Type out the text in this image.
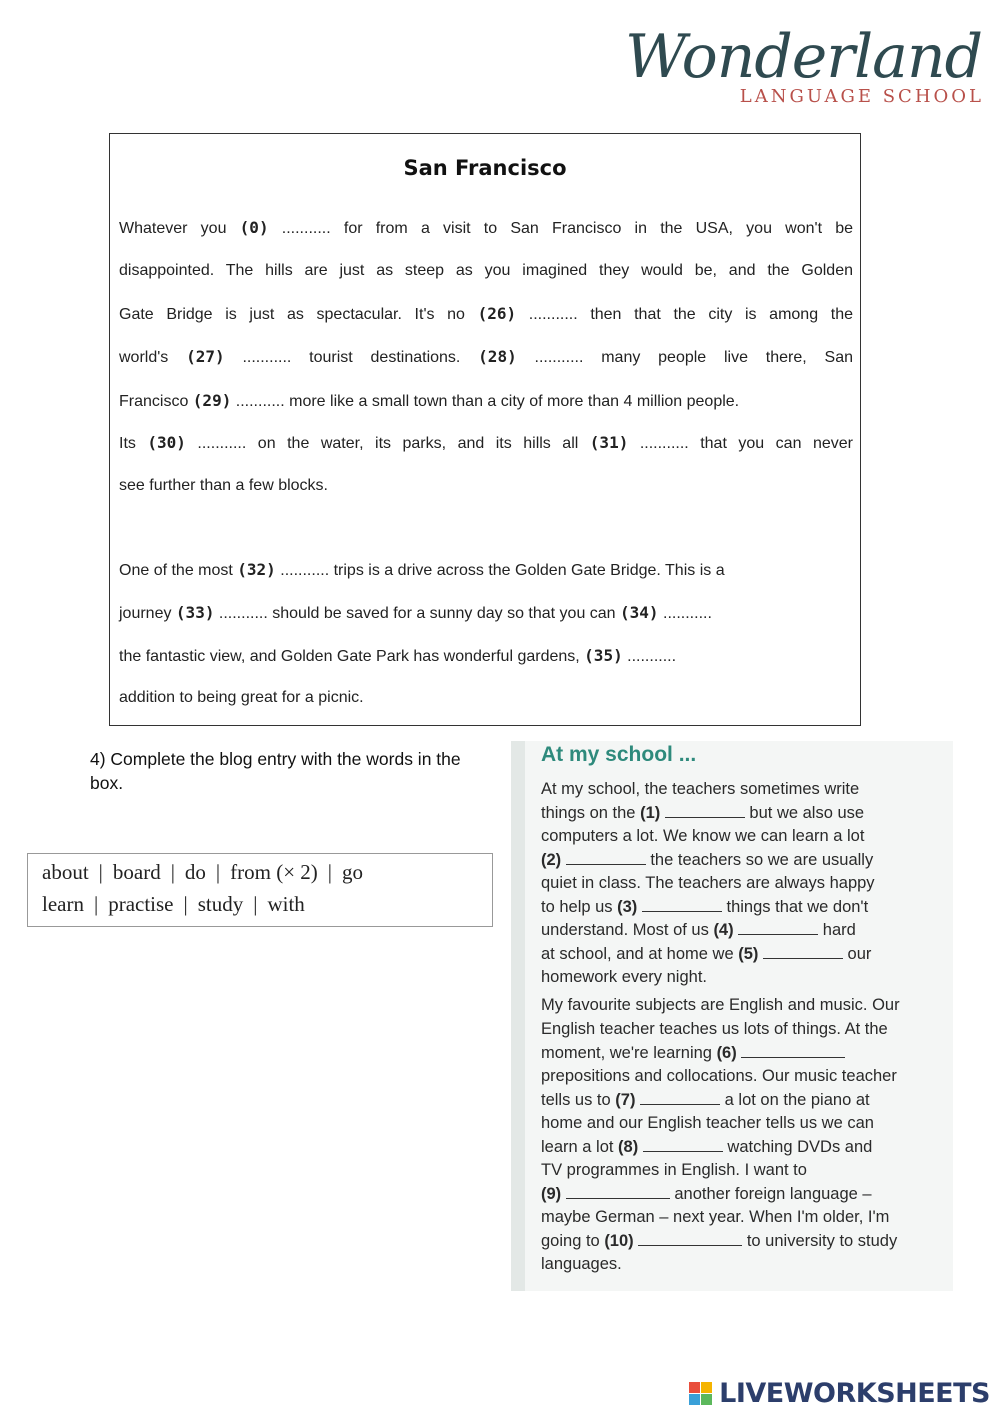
Wonderland
LANGUAGE SCHOOL
San Francisco
Whatever you (0) ........... for from a visit to San Francisco in the USA, you won't be
disappointed. The hills are just as steep as you imagined they would be, and the Golden
Gate Bridge is just as spectacular. It's no (26) ........... then that the city is among the
world's (27) ........... tourist destinations. (28) ........... many people live there, San
Francisco (29) ........... more like a small town than a city of more than 4 million people.
Its (30) ........... on the water, its parks, and its hills all (31) ........... that you can never
see further than a few blocks.
One of the most (32) ........... trips is a drive across the Golden Gate Bridge. This is a
journey (33) ........... should be saved for a sunny day so that you can (34) ...........
the fantastic view, and Golden Gate Park has wonderful gardens, (35) ...........
addition to being great for a picnic.
4) Complete the blog entry with the words in the box.
about | board | do | from (× 2) | go
learn | practise | study | with
At my school ...
At my school, the teachers sometimes write
things on the (1)	but we also use
computers a lot. We know we can learn a lot
(2)	the teachers so we are usually
quiet in class. The teachers are always happy
to help us (3)	things that we don't
understand. Most of us (4)	hard
at school, and at home we (5)	our
homework every night.
My favourite subjects are English and music. Our
English teacher teaches us lots of things. At the
moment, we're learning (6)
prepositions and collocations. Our music teacher
tells us to (7)	a lot on the piano at
home and our English teacher tells us we can
learn a lot (8)	watching DVDs and
TV programmes in English. I want to
(9)	another foreign language –
maybe German – next year. When I'm older, I'm
going to (10)	to university to study
languages.
LIVEWORKSHEETS
